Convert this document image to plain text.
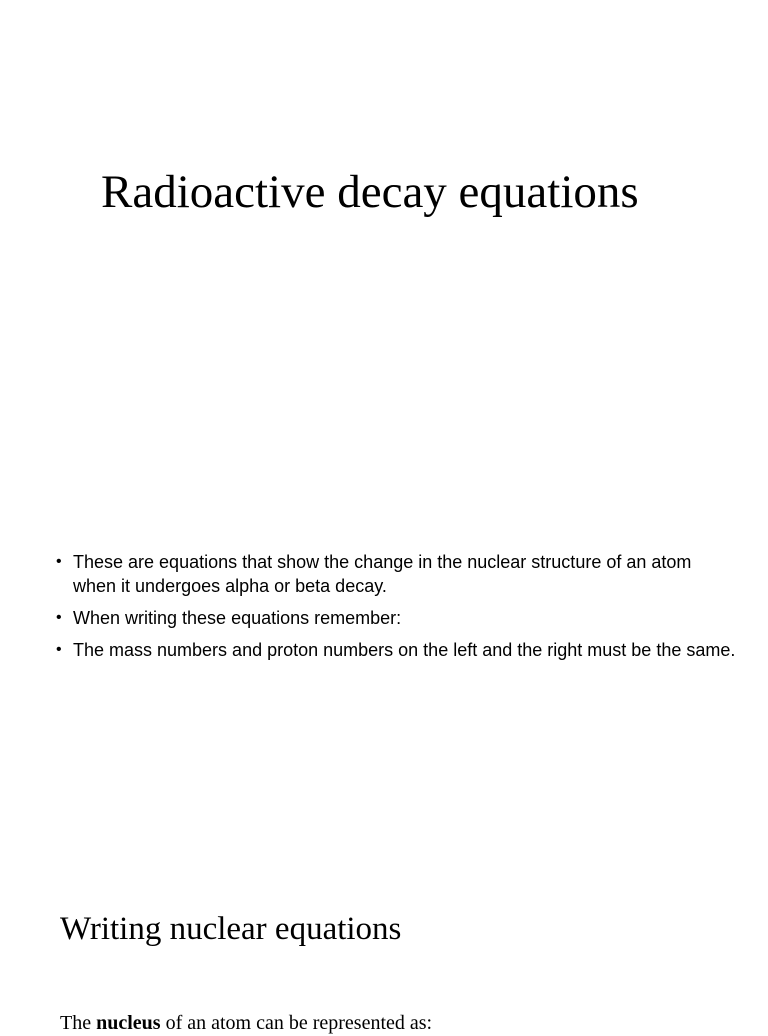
Radioactive decay equations
• These are equations that show the change in the nuclear structure of an atom when it undergoes alpha or beta decay.
• When writing these equations remember:
• The mass numbers and proton numbers on the left and the right must be the same.
Writing nuclear equations

The nucleus of an atom can be represented as:
